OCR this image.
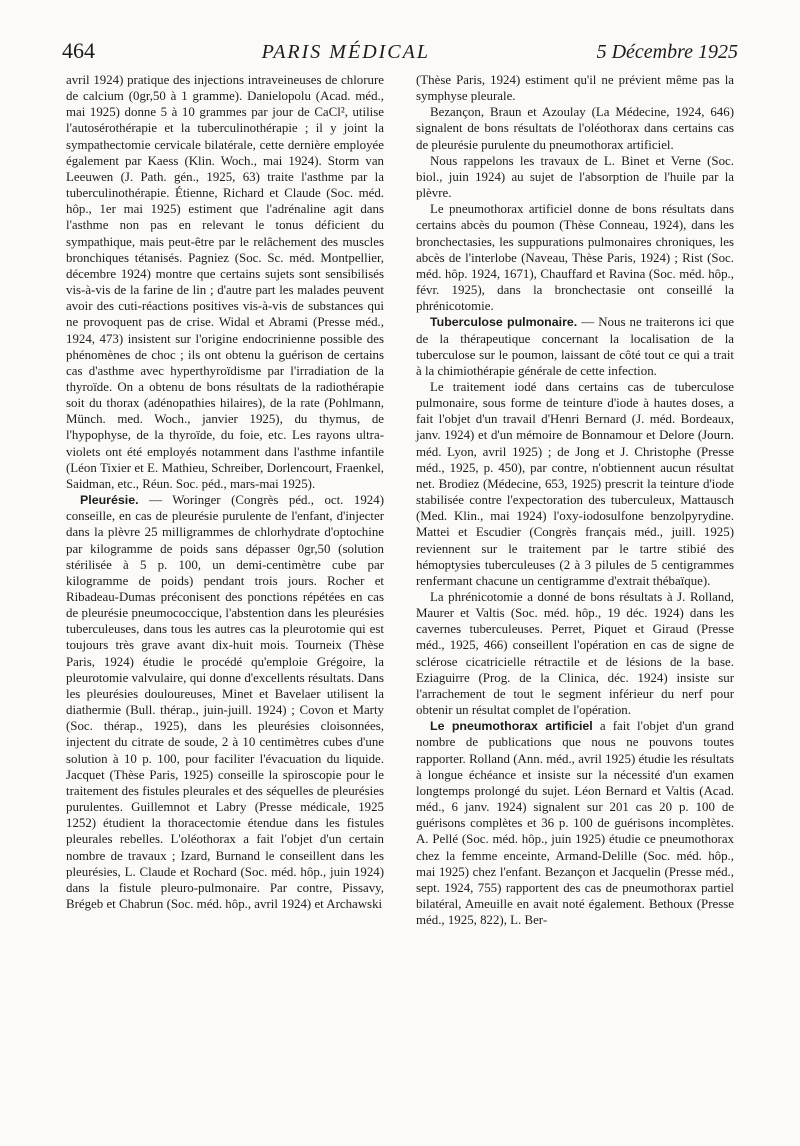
464	PARIS MÉDICAL	5 Décembre 1925

avril 1924) pratique des injections intraveineuses de chlorure de calcium (0gr,50 à 1 gramme). Danielopolu (Acad. méd., mai 1925) donne 5 à 10 grammes par jour de CaCl², utilise l'autosérothérapie et la tuberculinothérapie ; il y joint la sympathectomie cervicale bilatérale, cette dernière employée également par Kaess (Klin. Woch., mai 1924). Storm van Leeuwen (J. Path. gén., 1925, 63) traite l'asthme par la tuberculinothérapie. Étienne, Richard et Claude (Soc. méd. hôp., 1er mai 1925) estiment que l'adrénaline agit dans l'asthme non pas en relevant le tonus déficient du sympathique, mais peut-être par le relâchement des muscles bronchiques tétanisés. Pagniez (Soc. Sc. méd. Montpellier, décembre 1924) montre que certains sujets sont sensibilisés vis-à-vis de la farine de lin ; d'autre part les malades peuvent avoir des cuti-réactions positives vis-à-vis de substances qui ne provoquent pas de crise. Widal et Abrami (Presse méd., 1924, 473) insistent sur l'origine endocrinienne possible des phénomènes de choc ; ils ont obtenu la guérison de certains cas d'asthme avec hyperthyroïdisme par l'irradiation de la thyroïde. On a obtenu de bons résultats de la radiothérapie soit du thorax (adénopathies hilaires), de la rate (Pohlmann, Münch. med. Woch., janvier 1925), du thymus, de l'hypophyse, de la thyroïde, du foie, etc. Les rayons ultra-violets ont été employés notamment dans l'asthme infantile (Léon Tixier et E. Mathieu, Schreiber, Dorlencourt, Fraenkel, Saidman, etc., Réun. Soc. péd., mars-mai 1925).

Pleurésie. — Woringer (Congrès péd., oct. 1924) conseille, en cas de pleurésie purulente de l'enfant, d'injecter dans la plèvre 25 milligrammes de chlorhydrate d'optochine par kilogramme de poids sans dépasser 0gr,50 (solution stérilisée à 5 p. 100, un demi-centimètre cube par kilogramme de poids) pendant trois jours. Rocher et Ribadeau-Dumas préconisent des ponctions répétées en cas de pleurésie pneumococcique, l'abstention dans les pleurésies tuberculeuses, dans tous les autres cas la pleurotomie qui est toujours très grave avant dix-huit mois. Tourneix (Thèse Paris, 1924) étudie le procédé qu'emploie Grégoire, la pleurotomie valvulaire, qui donne d'excellents résultats. Dans les pleurésies douloureuses, Minet et Bavelaer utilisent la diathermie (Bull. thérap., juin-juill. 1924) ; Covon et Marty (Soc. thérap., 1925), dans les pleurésies cloisonnées, injectent du citrate de soude, 2 à 10 centimètres cubes d'une solution à 10 p. 100, pour faciliter l'évacuation du liquide. Jacquet (Thèse Paris, 1925) conseille la spiroscopie pour le traitement des fistules pleurales et des séquelles de pleurésies purulentes. Guillemnot et Labry (Presse médicale, 1925 1252) étudient la thoracectomie étendue dans les fistules pleurales rebelles. L'oléothorax a fait l'objet d'un certain nombre de travaux ; Izard, Burnand le conseillent dans les pleurésies, L. Claude et Rochard (Soc. méd. hôp., juin 1924) dans la fistule pleuro-pulmonaire. Par contre, Pissavy, Brégeb et Chabrun (Soc. méd. hôp., avril 1924) et Archawski

(Thèse Paris, 1924) estiment qu'il ne prévient même pas la symphyse pleurale.

Bezançon, Braun et Azoulay (La Médecine, 1924, 646) signalent de bons résultats de l'oléothorax dans certains cas de pleurésie purulente du pneumothorax artificiel.

Nous rappelons les travaux de L. Binet et Verne (Soc. biol., juin 1924) au sujet de l'absorption de l'huile par la plèvre.

Le pneumothorax artificiel donne de bons résultats dans certains abcès du poumon (Thèse Conneau, 1924), dans les bronchectasies, les suppurations pulmonaires chroniques, les abcès de l'interlobe (Naveau, Thèse Paris, 1924) ; Rist (Soc. méd. hôp. 1924, 1671), Chauffard et Ravina (Soc. méd. hôp., févr. 1925), dans la bronchectasie ont conseillé la phrénicotomie.

Tuberculose pulmonaire. — Nous ne traiterons ici que de la thérapeutique concernant la localisation de la tuberculose sur le poumon, laissant de côté tout ce qui a trait à la chimiothérapie générale de cette infection.

Le traitement iodé dans certains cas de tuberculose pulmonaire, sous forme de teinture d'iode à hautes doses, a fait l'objet d'un travail d'Henri Bernard (J. méd. Bordeaux, janv. 1924) et d'un mémoire de Bonnamour et Delore (Journ. méd. Lyon, avril 1925) ; de Jong et J. Christophe (Presse méd., 1925, p. 450), par contre, n'obtiennent aucun résultat net. Brodiez (Médecine, 653, 1925) prescrit la teinture d'iode stabilisée contre l'expectoration des tuberculeux, Mattausch (Med. Klin., mai 1924) l'oxy-iodosulfone benzolpyrydine. Mattei et Escudier (Congrès français méd., juill. 1925) reviennent sur le traitement par le tartre stibié des hémoptysies tuberculeuses (2 à 3 pilules de 5 centigrammes renfermant chacune un centigramme d'extrait thébaïque).

La phrénicotomie a donné de bons résultats à J. Rolland, Maurer et Valtis (Soc. méd. hôp., 19 déc. 1924) dans les cavernes tuberculeuses. Perret, Piquet et Giraud (Presse méd., 1925, 466) conseillent l'opération en cas de signe de sclérose cicatricielle rétractile et de lésions de la base. Eziaguirre (Prog. de la Clinica, déc. 1924) insiste sur l'arrachement de tout le segment inférieur du nerf pour obtenir un résultat complet de l'opération.

Le pneumothorax artificiel a fait l'objet d'un grand nombre de publications que nous ne pouvons toutes rapporter. Rolland (Ann. méd., avril 1925) étudie les résultats à longue échéance et insiste sur la nécessité d'un examen longtemps prolongé du sujet. Léon Bernard et Valtis (Acad. méd., 6 janv. 1924) signalent sur 201 cas 20 p. 100 de guérisons complètes et 36 p. 100 de guérisons incomplètes. A. Pellé (Soc. méd. hôp., juin 1925) étudie ce pneumothorax chez la femme enceinte, Armand-Delille (Soc. méd. hôp., mai 1925) chez l'enfant. Bezançon et Jacquelin (Presse méd., sept. 1924, 755) rapportent des cas de pneumothorax partiel bilatéral, Ameuille en avait noté également. Bethoux (Presse méd., 1925, 822), L. Ber-
